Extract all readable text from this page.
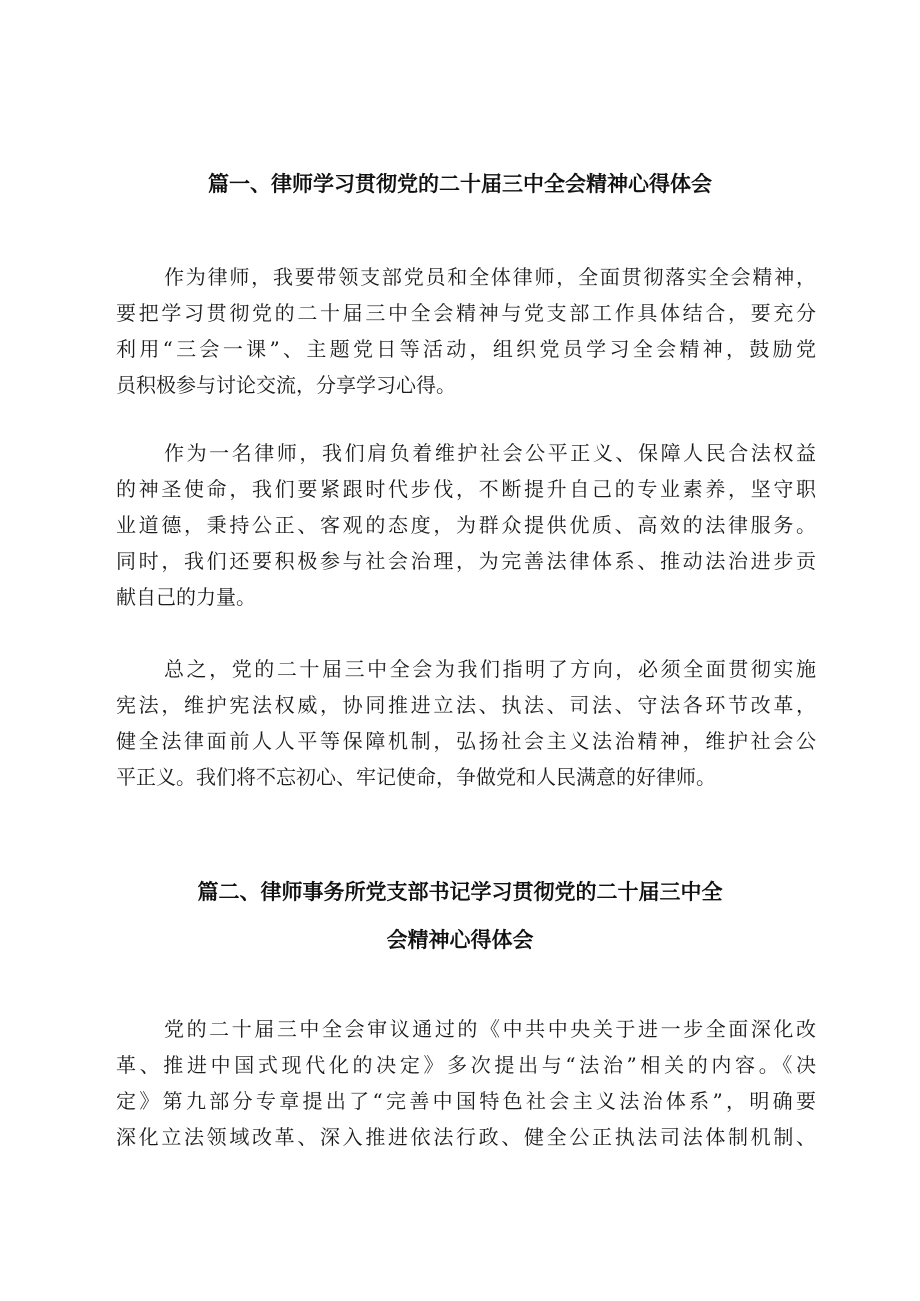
篇一、律师学习贯彻党的二十届三中全会精神心得体会

作为律师，我要带领支部党员和全体律师，全面贯彻落实全会精神，
要把学习贯彻党的二十届三中全会精神与党支部工作具体结合，要充分
利用“三会一课”、主题党日等活动，组织党员学习全会精神，鼓励党
员积极参与讨论交流，分享学习心得。

作为一名律师，我们肩负着维护社会公平正义、保障人民合法权益
的神圣使命，我们要紧跟时代步伐，不断提升自己的专业素养，坚守职
业道德，秉持公正、客观的态度，为群众提供优质、高效的法律服务。
同时，我们还要积极参与社会治理，为完善法律体系、推动法治进步贡
献自己的力量。

总之，党的二十届三中全会为我们指明了方向，必须全面贯彻实施
宪法，维护宪法权威，协同推进立法、执法、司法、守法各环节改革，
健全法律面前人人平等保障机制，弘扬社会主义法治精神，维护社会公
平正义。我们将不忘初心、牢记使命，争做党和人民满意的好律师。

篇二、律师事务所党支部书记学习贯彻党的二十届三中全
会精神心得体会

党的二十届三中全会审议通过的《中共中央关于进一步全面深化改
革、推进中国式现代化的决定》多次提出与“法治”相关的内容。《决
定》第九部分专章提出了“完善中国特色社会主义法治体系”，明确要
深化立法领域改革、深入推进依法行政、健全公正执法司法体制机制、
